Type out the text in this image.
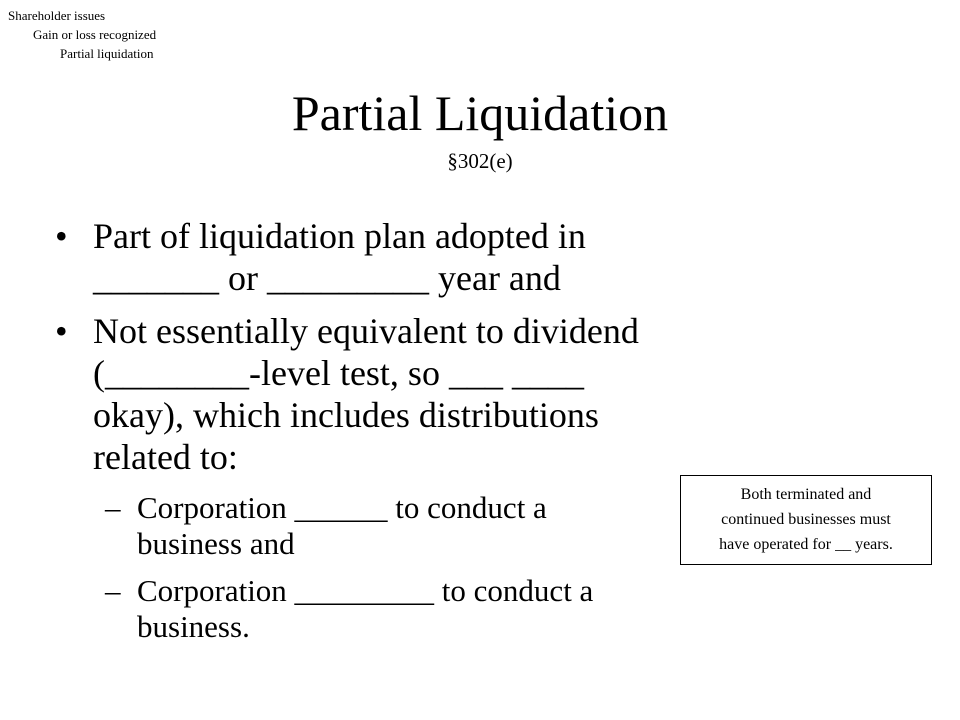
Shareholder issues
Gain or loss recognized
Partial liquidation
Partial Liquidation
§302(e)
• Part of liquidation plan adopted in
_______ or _________ year and
• Not essentially equivalent to dividend
(________-level test, so ___ ____
okay), which includes distributions
related to:
– Corporation ______ to conduct a
business and
– Corporation _________ to conduct a
business.
Both terminated and
continued businesses must
have operated for __ years.
